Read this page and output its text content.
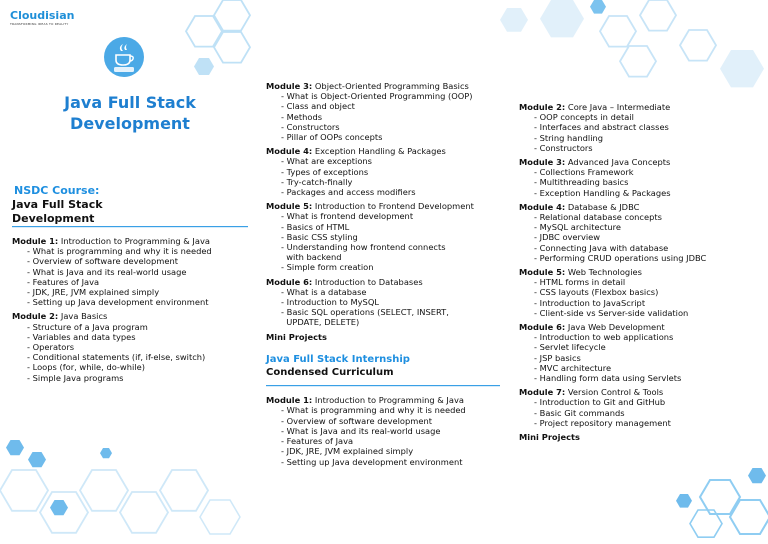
Cloudisian
TRANSFORMING IDEAS TO REALITY
Java Full Stack
Development
NSDC Course:
Java Full Stack
Development
Module 1: Introduction to Programming & Java
- What is programming and why it is needed
- Overview of software development
- What is Java and its real-world usage
- Features of Java
- JDK, JRE, JVM explained simply
- Setting up Java development environment
Module 2: Java Basics
- Structure of a Java program
- Variables and data types
- Operators
- Conditional statements (if, if-else, switch)
- Loops (for, while, do-while)
- Simple Java programs
Module 3: Object-Oriented Programming Basics
- What is Object-Oriented Programming (OOP)
- Class and object
- Methods
- Constructors
- Pillar of OOPs concepts
Module 4: Exception Handling & Packages
- What are exceptions
- Types of exceptions
- Try-catch-finally
- Packages and access modifiers
Module 5: Introduction to Frontend Development
- What is frontend development
- Basics of HTML
- Basic CSS styling
- Understanding how frontend connects
with backend
- Simple form creation
Module 6: Introduction to Databases
- What is a database
- Introduction to MySQL
- Basic SQL operations (SELECT, INSERT,
UPDATE, DELETE)
Mini Projects
Java Full Stack Internship
Condensed Curriculum
Module 1: Introduction to Programming & Java
- What is programming and why it is needed
- Overview of software development
- What is Java and its real-world usage
- Features of Java
- JDK, JRE, JVM explained simply
- Setting up Java development environment
Module 2: Core Java – Intermediate
- OOP concepts in detail
- Interfaces and abstract classes
- String handling
- Constructors
Module 3: Advanced Java Concepts
- Collections Framework
- Multithreading basics
- Exception Handling & Packages
Module 4: Database & JDBC
- Relational database concepts
- MySQL architecture
- JDBC overview
- Connecting Java with database
- Performing CRUD operations using JDBC
Module 5: Web Technologies
- HTML forms in detail
- CSS layouts (Flexbox basics)
- Introduction to JavaScript
- Client-side vs Server-side validation
Module 6: Java Web Development
- Introduction to web applications
- Servlet lifecycle
- JSP basics
- MVC architecture
- Handling form data using Servlets
Module 7: Version Control & Tools
- Introduction to Git and GitHub
- Basic Git commands
- Project repository management
Mini Projects
